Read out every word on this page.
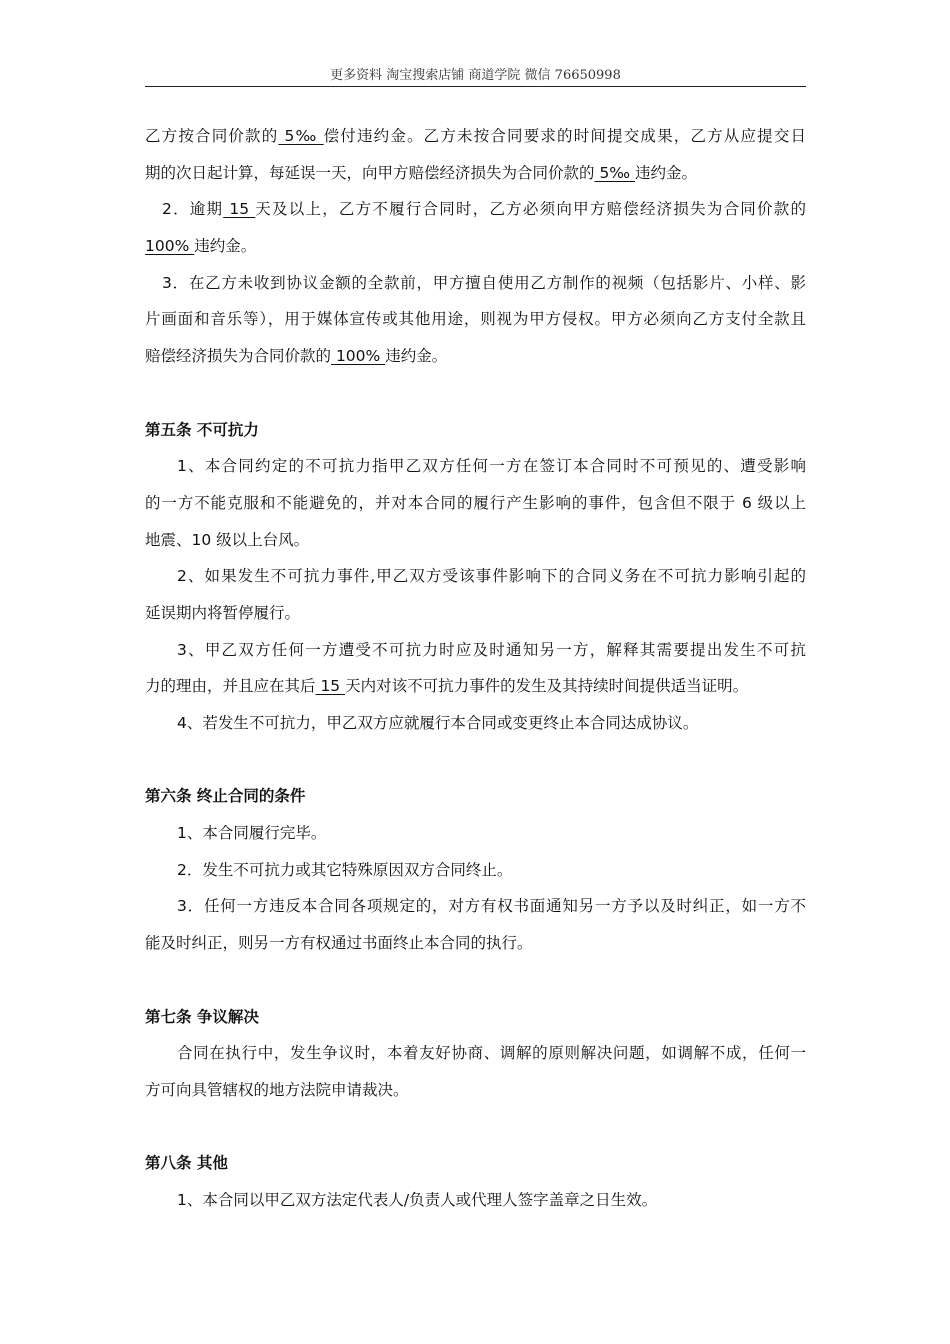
更多资料 淘宝搜索店铺 商道学院 微信 76650998
乙方按合同价款的 5‰ 偿付违约金。乙方未按合同要求的时间提交成果，乙方从应提交日
期的次日起计算，每延误一天，向甲方赔偿经济损失为合同价款的 5‰ 违约金。
2．逾期 15 天及以上，乙方不履行合同时，乙方必须向甲方赔偿经济损失为合同价款的
100% 违约金。
3．在乙方未收到协议金额的全款前，甲方擅自使用乙方制作的视频（包括影片、小样、影
片画面和音乐等），用于媒体宣传或其他用途，则视为甲方侵权。甲方必须向乙方支付全款且
赔偿经济损失为合同价款的 100% 违约金。
第五条 不可抗力
1、本合同约定的不可抗力指甲乙双方任何一方在签订本合同时不可预见的、遭受影响
的一方不能克服和不能避免的，并对本合同的履行产生影响的事件，包含但不限于 6 级以上
地震、10 级以上台风。
2、如果发生不可抗力事件,甲乙双方受该事件影响下的合同义务在不可抗力影响引起的
延误期内将暂停履行。
3、甲乙双方任何一方遭受不可抗力时应及时通知另一方，解释其需要提出发生不可抗
力的理由，并且应在其后 15 天内对该不可抗力事件的发生及其持续时间提供适当证明。
4、若发生不可抗力，甲乙双方应就履行本合同或变更终止本合同达成协议。
第六条 终止合同的条件
1、本合同履行完毕。
2．发生不可抗力或其它特殊原因双方合同终止。
3．任何一方违反本合同各项规定的，对方有权书面通知另一方予以及时纠正，如一方不
能及时纠正，则另一方有权通过书面终止本合同的执行。
第七条 争议解决
合同在执行中，发生争议时，本着友好协商、调解的原则解决问题，如调解不成，任何一
方可向具管辖权的地方法院申请裁决。
第八条 其他
1、本合同以甲乙双方法定代表人/负责人或代理人签字盖章之日生效。
